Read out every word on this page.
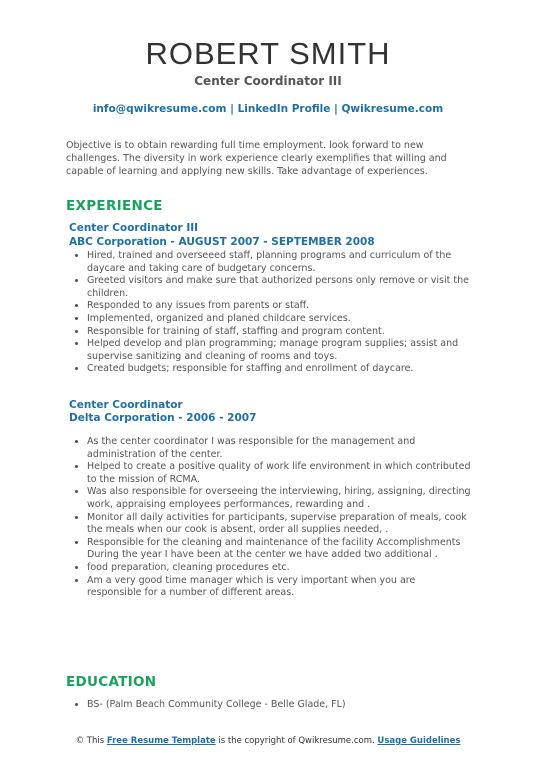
ROBERT SMITH
Center Coordinator III
info@qwikresume.com | LinkedIn Profile | Qwikresume.com
Objective is to obtain rewarding full time employment. look forward to new challenges. The diversity in work experience clearly exemplifies that willing and capable of learning and applying new skills. Take advantage of experiences.
EXPERIENCE
Center Coordinator III
ABC Corporation - AUGUST 2007 - SEPTEMBER 2008
• Hired, trained and overseeed staff, planning programs and curriculum of the daycare and taking care of budgetary concerns.
• Greeted visitors and make sure that authorized persons only remove or visit the children.
• Responded to any issues from parents or staff.
• Implemented, organized and planed childcare services.
• Responsible for training of staff, staffing and program content.
• Helped develop and plan programming; manage program supplies; assist and supervise sanitizing and cleaning of rooms and toys.
• Created budgets; responsible for staffing and enrollment of daycare.
Center Coordinator
Delta Corporation - 2006 - 2007
• As the center coordinator I was responsible for the management and administration of the center.
• Helped to create a positive quality of work life environment in which contributed to the mission of RCMA.
• Was also responsible for overseeing the interviewing, hiring, assigning, directing work, appraising employees performances, rewarding and .
• Monitor all daily activities for participants, supervise preparation of meals, cook the meals when our cook is absent, order all supplies needed, .
• Responsible for the cleaning and maintenance of the facility Accomplishments During the year I have been at the center we have added two additional .
• food preparation, cleaning procedures etc.
• Am a very good time manager which is very important when you are responsible for a number of different areas.
EDUCATION
• BS- (Palm Beach Community College - Belle Glade, FL)
© This Free Resume Template is the copyright of Qwikresume.com. Usage Guidelines
